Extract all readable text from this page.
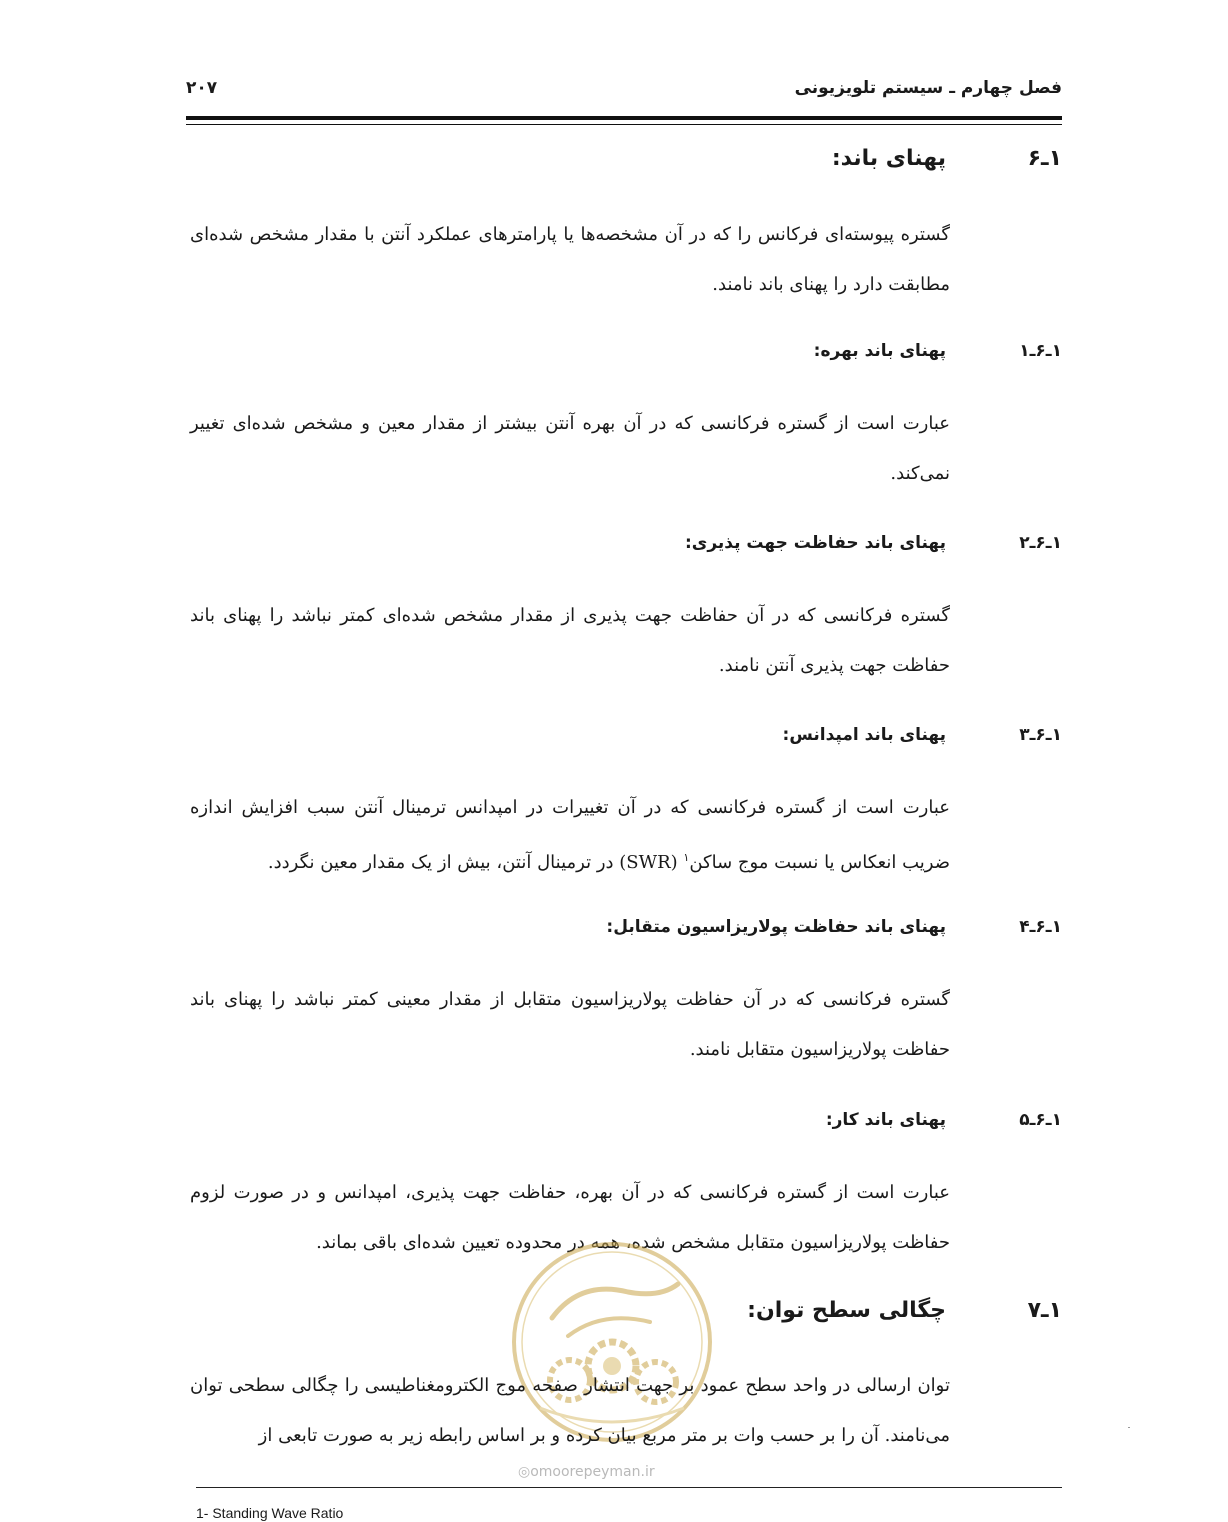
فصل چهارم ـ سیستم تلویزیونی
۲۰۷
۱ـ۶
پهنای باند:

گستره پیوسته‌ای فرکانس را که در آن مشخصه‌ها یا پارامترهای عملکرد آنتن با مقدار مشخص شده‌ای مطابقت دارد را پهنای باند نامند.

۱ـ۶ـ۱
پهنای باند بهره:

عبارت است از گستره فرکانسی که در آن بهره آنتن بیشتر از مقدار معین و مشخص شده‌ای تغییر نمی‌کند.

۱ـ۶ـ۲
پهنای باند حفاظت جهت پذیری:

گستره فرکانسی که در آن حفاظت جهت پذیری از مقدار مشخص شده‌ای کمتر نباشد را پهنای باند حفاظت جهت پذیری آنتن نامند.

۱ـ۶ـ۳
پهنای باند امپدانس:

عبارت است از گستره فرکانسی که در آن تغییرات در امپدانس ترمینال آنتن سبب افزایش اندازه ضریب انعکاس یا نسبت موج ساکن$^۱$ (SWR) در ترمینال آنتن، بیش از یک مقدار معین نگردد.

۱ـ۶ـ۴
پهنای باند حفاظت پولاریزاسیون متقابل:

گستره فرکانسی که در آن حفاظت پولاریزاسیون متقابل از مقدار معینی کمتر نباشد را پهنای باند حفاظت پولاریزاسیون متقابل نامند.

۱ـ۶ـ۵
پهنای باند کار:

عبارت است از گستره فرکانسی که در آن بهره، حفاظت جهت پذیری، امپدانس و در صورت لزوم حفاظت پولاریزاسیون متقابل مشخص شده، همه در محدوده تعیین شده‌ای باقی بماند.

۱ـ۷
چگالی سطح توان:

توان ارسالی در واحد سطح عمود بر جهت انتشار صفحه موج الکترومغناطیسی را چگالی سطحی توان می‌نامند. آن را بر حسب وات بر متر مربع بیان کرده و بر اساس رابطه زیر به صورت تابعی از

◎omoorepeyman.ir
1- Standing Wave Ratio
